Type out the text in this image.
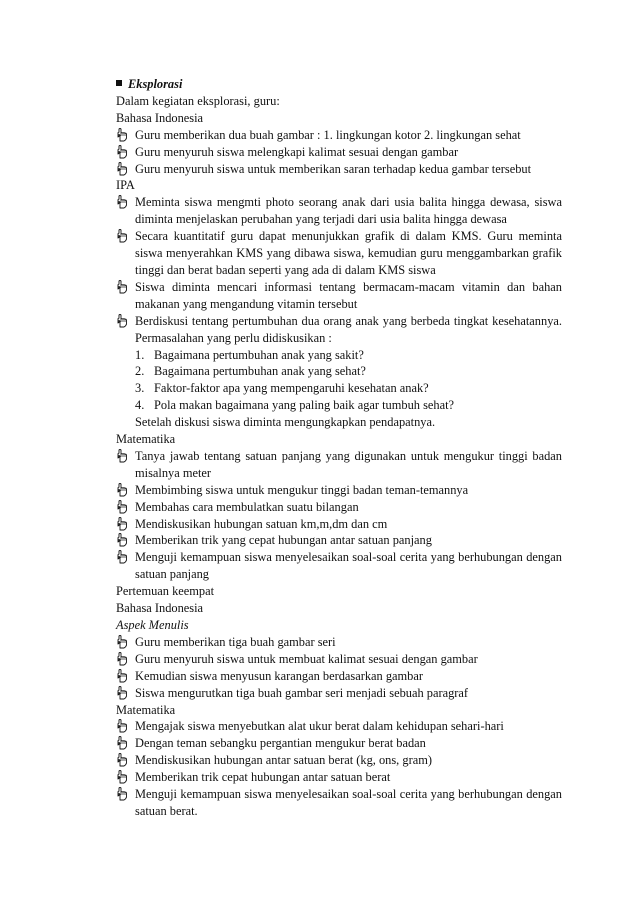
Eksplorasi

Dalam kegiatan eksplorasi, guru:

Bahasa Indonesia

Guru memberikan dua buah gambar : 1. lingkungan kotor 2. lingkungan sehat
Guru menyuruh siswa melengkapi kalimat sesuai dengan gambar
Guru menyuruh siswa untuk memberikan saran terhadap kedua gambar tersebut

IPA

Meminta siswa mengmti photo seorang anak dari usia balita hingga dewasa, siswa diminta menjelaskan perubahan yang terjadi dari usia balita hingga dewasa
Secara kuantitatif guru dapat menunjukkan grafik di dalam KMS. Guru meminta siswa menyerahkan KMS yang dibawa siswa, kemudian guru menggambarkan grafik tinggi dan berat badan seperti yang ada di dalam KMS siswa
Siswa diminta mencari informasi tentang bermacam-macam vitamin dan bahan makanan yang mengandung vitamin tersebut
Berdiskusi tentang pertumbuhan dua orang anak yang berbeda tingkat kesehatannya. Permasalahan yang perlu didiskusikan :
1. Bagaimana pertumbuhan anak yang sakit?
2. Bagaimana pertumbuhan anak yang sehat?
3. Faktor-faktor apa yang mempengaruhi kesehatan anak?
4. Pola makan bagaimana yang paling baik agar tumbuh sehat?

Setelah diskusi siswa diminta mengungkapkan pendapatnya.

Matematika

Tanya jawab tentang satuan panjang yang digunakan untuk mengukur tinggi badan misalnya meter
Membimbing siswa untuk mengukur tinggi badan teman-temannya
Membahas cara membulatkan suatu bilangan
Mendiskusikan hubungan satuan km,m,dm dan cm
Memberikan trik yang cepat hubungan antar satuan panjang
Menguji kemampuan siswa menyelesaikan soal-soal cerita yang berhubungan dengan satuan panjang

Pertemuan keempat

Bahasa Indonesia

Aspek Menulis

Guru memberikan tiga buah gambar seri
Guru menyuruh siswa untuk membuat kalimat sesuai dengan gambar
Kemudian siswa menyusun karangan berdasarkan gambar
Siswa mengurutkan tiga buah gambar seri menjadi sebuah paragraf

Matematika

Mengajak siswa menyebutkan alat ukur berat dalam kehidupan sehari-hari
Dengan teman sebangku pergantian mengukur berat badan
Mendiskusikan hubungan antar satuan berat (kg, ons, gram)
Memberikan trik cepat hubungan antar satuan berat
Menguji kemampuan siswa menyelesaikan soal-soal cerita yang berhubungan dengan satuan berat.
